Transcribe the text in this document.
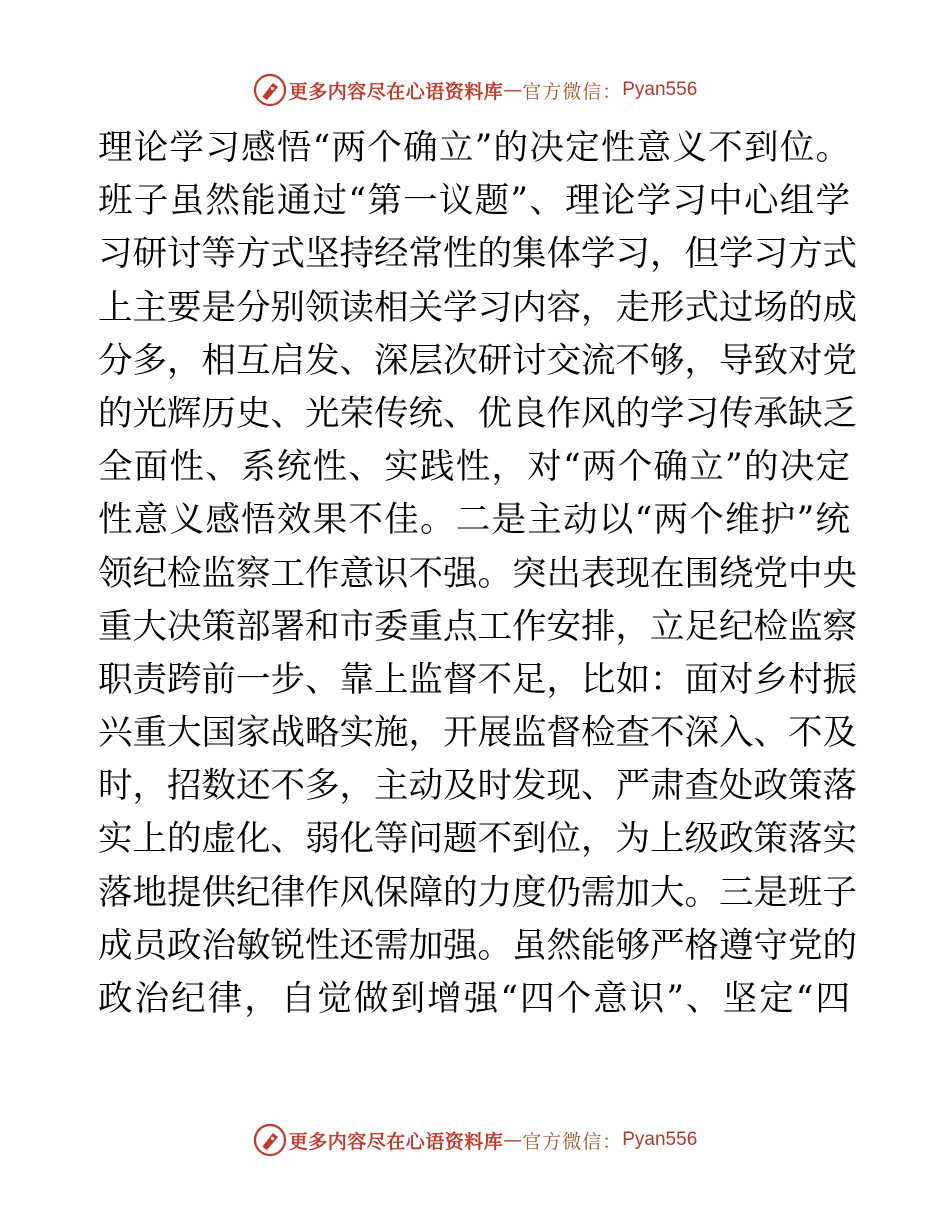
更多内容尽在心语资料库 — 官方微信： Pyan556
理论学习感悟“两个确立”的决定性意义不到位。
班子虽然能通过“第一议题”、理论学习中心组学
习研讨等方式坚持经常性的集体学习，但学习方式
上主要是分别领读相关学习内容，走形式过场的成
分多，相互启发、深层次研讨交流不够，导致对党
的光辉历史、光荣传统、优良作风的学习传承缺乏
全面性、系统性、实践性，对“两个确立”的决定
性意义感悟效果不佳。二是主动以“两个维护”统
领纪检监察工作意识不强。突出表现在围绕党中央
重大决策部署和市委重点工作安排，立足纪检监察
职责跨前一步、靠上监督不足，比如：面对乡村振
兴重大国家战略实施，开展监督检查不深入、不及
时，招数还不多，主动及时发现、严肃查处政策落
实上的虚化、弱化等问题不到位，为上级政策落实
落地提供纪律作风保障的力度仍需加大。三是班子
成员政治敏锐性还需加强。虽然能够严格遵守党的
政治纪律，自觉做到增强“四个意识”、坚定“四
更多内容尽在心语资料库 — 官方微信： Pyan556
